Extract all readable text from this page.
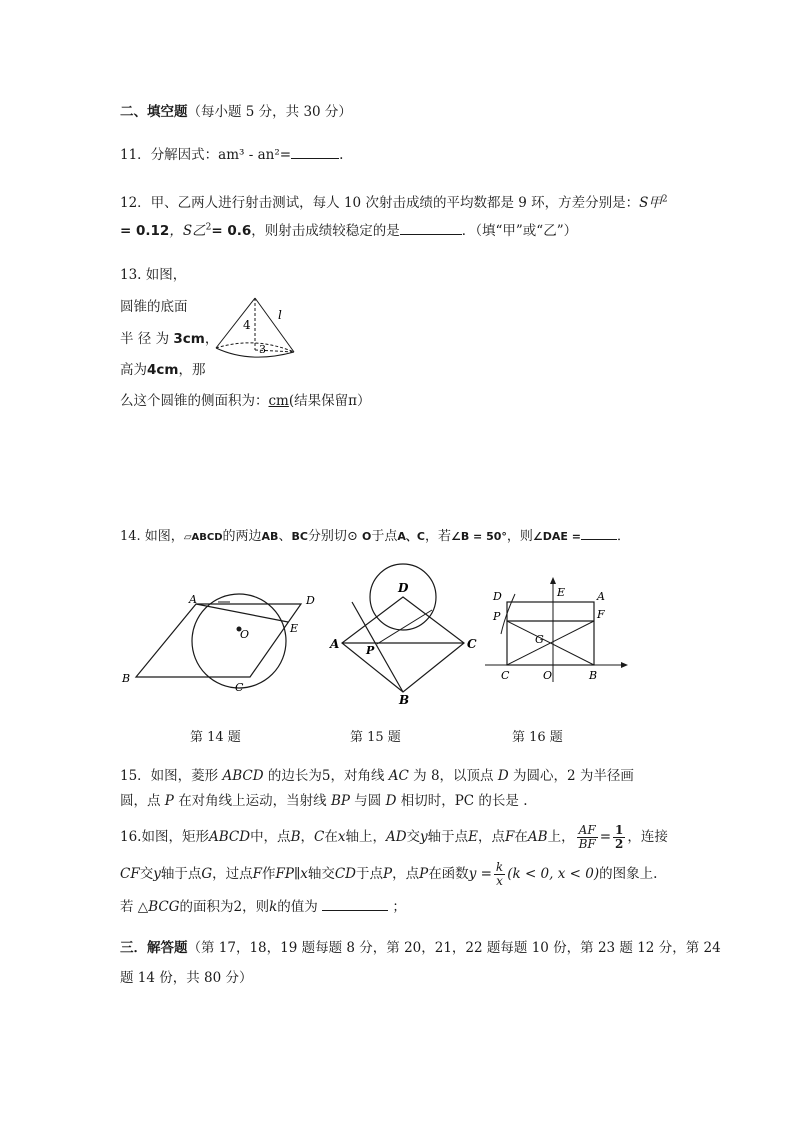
二、填空题（每小题 5 分，共 30 分）
11．分解因式：am³ - an²=	.
12．甲、乙两人进行射击测试，每人 10 次射击成绩的平均数都是 9 环，方差分别是：S甲$^2$
= 0.12，S乙$^2$= 0.6，则射击成绩较稳定的是	．（填“甲”或“乙”）
13. 如图，
圆锥的底面
半 径 为 3cm，
高为4cm，那
么这个圆锥的侧面积为：cm(结果保留π）
4
l
3
14. 如图，▱ABCD的两边AB、BC分别切⊙ O于点A、C，若∠B = 50°，则∠DAE =	．
A	D
E
O
B
C
D
A P	C
B
D	E	A
P	F
G
C	O	B
第 14 题	第 15 题	第 16 题
15．如图，菱形 ABCD 的边长为5，对角线 AC 为 8，以顶点 D 为圆心，2 为半径画
圆，点 P 在对角线上运动，当射线 BP 与圆 D 相切时，PC 的长是 .
16.如图，矩形ABCD中，点B，C在x轴上，AD交y轴于点E，点F在AB上， $\frac{AF}{BF} = \frac{1}{2}$ ，连接
CF交y轴于点G，过点F作FP∥x轴交CD于点P，点P在函数$y = \frac{k}{x} (k < 0$, x < 0)的图象上.
若 △BCG的面积为2，则k的值为	；
三．解答题（第 17，18，19 题每题 8 分，第 20，21，22 题每题 10 份，第 23 题 12 分，第 24
题 14 份，共 80 分）
